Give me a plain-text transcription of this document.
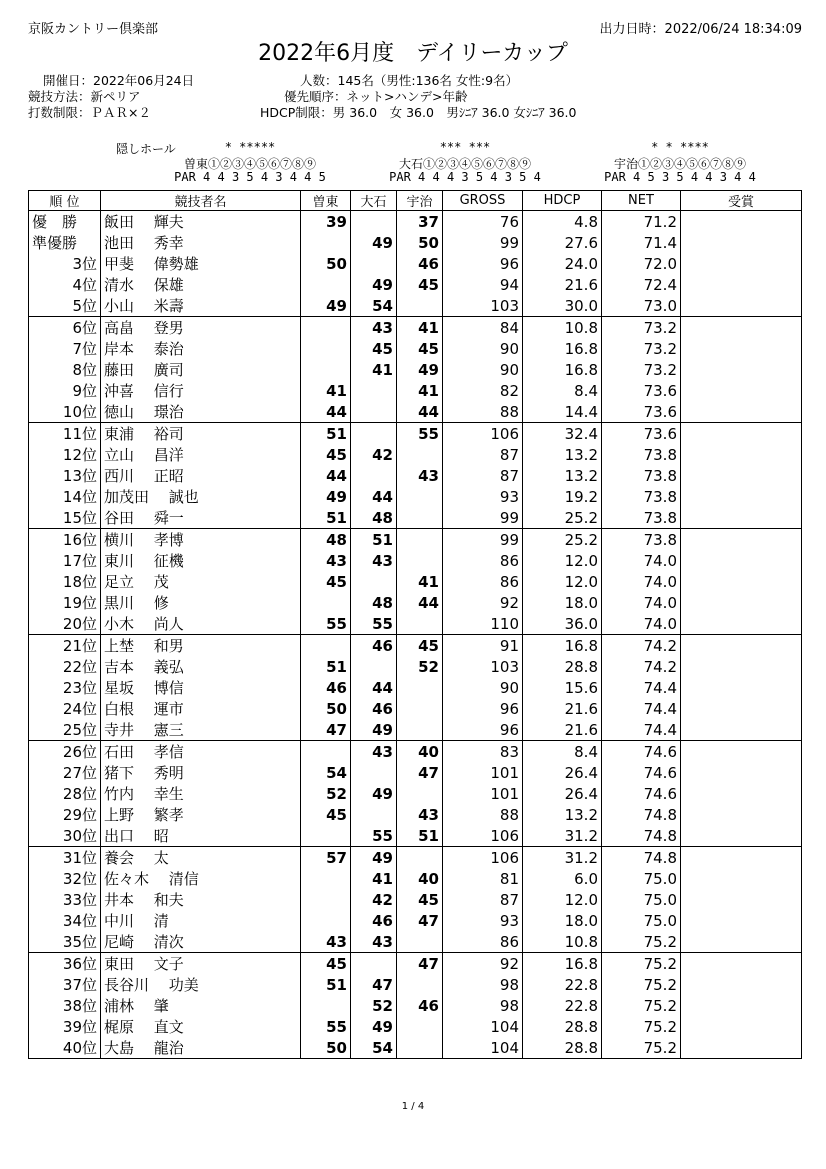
京阪カントリー倶楽部	出力日時：2022/06/24 18:34:09
2022年6月度　デイリーカップ
開催日：2022年06月24日
競技方法：新ペリア
打数制限：ＰＡＲ×２
人数：145名（男性:136名 女性:9名）
優先順序：ネット>ハンデ>年齢
HDCP制限：男 36.0　女 36.0　男ｼﾆｱ 36.0 女ｼﾆｱ 36.0
隠しホール	* *****
曽東①②③④⑤⑥⑦⑧⑨
PAR 4 4 3 5 4 3 4 4 5
*** ***
大石①②③④⑤⑥⑦⑧⑨
PAR 4 4 4 3 5 4 3 5 4
* * ****
宇治①②③④⑤⑥⑦⑧⑨
PAR 4 5 3 5 4 4 3 4 4
順 位	競技者名	曽東	大石	宇治	GROSS	HDCP	NET	受賞
優　勝	飯田　 輝夫	39		37	76	4.8	71.2	
準優勝	池田　 秀幸		49	50	99	27.6	71.4	
3位	甲斐　 偉勢雄	50		46	96	24.0	72.0	
4位	清水　 保雄		49	45	94	21.6	72.4	
5位	小山　 米壽	49	54		103	30.0	73.0	
6位	高畠　 登男		43	41	84	10.8	73.2	
7位	岸本　 泰治		45	45	90	16.8	73.2	
8位	藤田　 廣司		41	49	90	16.8	73.2	
9位	沖喜　 信行	41		41	82	8.4	73.6	
10位	徳山　 璟治	44		44	88	14.4	73.6	
11位	東浦　 裕司	51		55	106	32.4	73.6	
12位	立山　 昌洋	45	42		87	13.2	73.8	
13位	西川　 正昭	44		43	87	13.2	73.8	
14位	加茂田　 誠也	49	44		93	19.2	73.8	
15位	谷田　 舜一	51	48		99	25.2	73.8	
16位	横川　 孝博	48	51		99	25.2	73.8	
17位	東川　 征機	43	43		86	12.0	74.0	
18位	足立　 茂	45		41	86	12.0	74.0	
19位	黒川　 修		48	44	92	18.0	74.0	
20位	小木　 尚人	55	55		110	36.0	74.0	
21位	上埜　 和男		46	45	91	16.8	74.2	
22位	吉本　 義弘	51		52	103	28.8	74.2	
23位	星坂　 博信	46	44		90	15.6	74.4	
24位	白根　 運市	50	46		96	21.6	74.4	
25位	寺井　 憲三	47	49		96	21.6	74.4	
26位	石田　 孝信		43	40	83	8.4	74.6	
27位	猪下　 秀明	54		47	101	26.4	74.6	
28位	竹内　 幸生	52	49		101	26.4	74.6	
29位	上野　 繁孝	45		43	88	13.2	74.8	
30位	出口　 昭		55	51	106	31.2	74.8	
31位	養会　 太	57	49		106	31.2	74.8	
32位	佐々木　 清信		41	40	81	6.0	75.0	
33位	井本　 和夫		42	45	87	12.0	75.0	
34位	中川　 清		46	47	93	18.0	75.0	
35位	尼崎　 清次	43	43		86	10.8	75.2	
36位	東田　 文子	45		47	92	16.8	75.2	
37位	長谷川　 功美	51	47		98	22.8	75.2	
38位	浦林　 肇		52	46	98	22.8	75.2	
39位	梶原　 直文	55	49		104	28.8	75.2	
40位	大島　 龍治	50	54		104	28.8	75.2	
1 / 4
